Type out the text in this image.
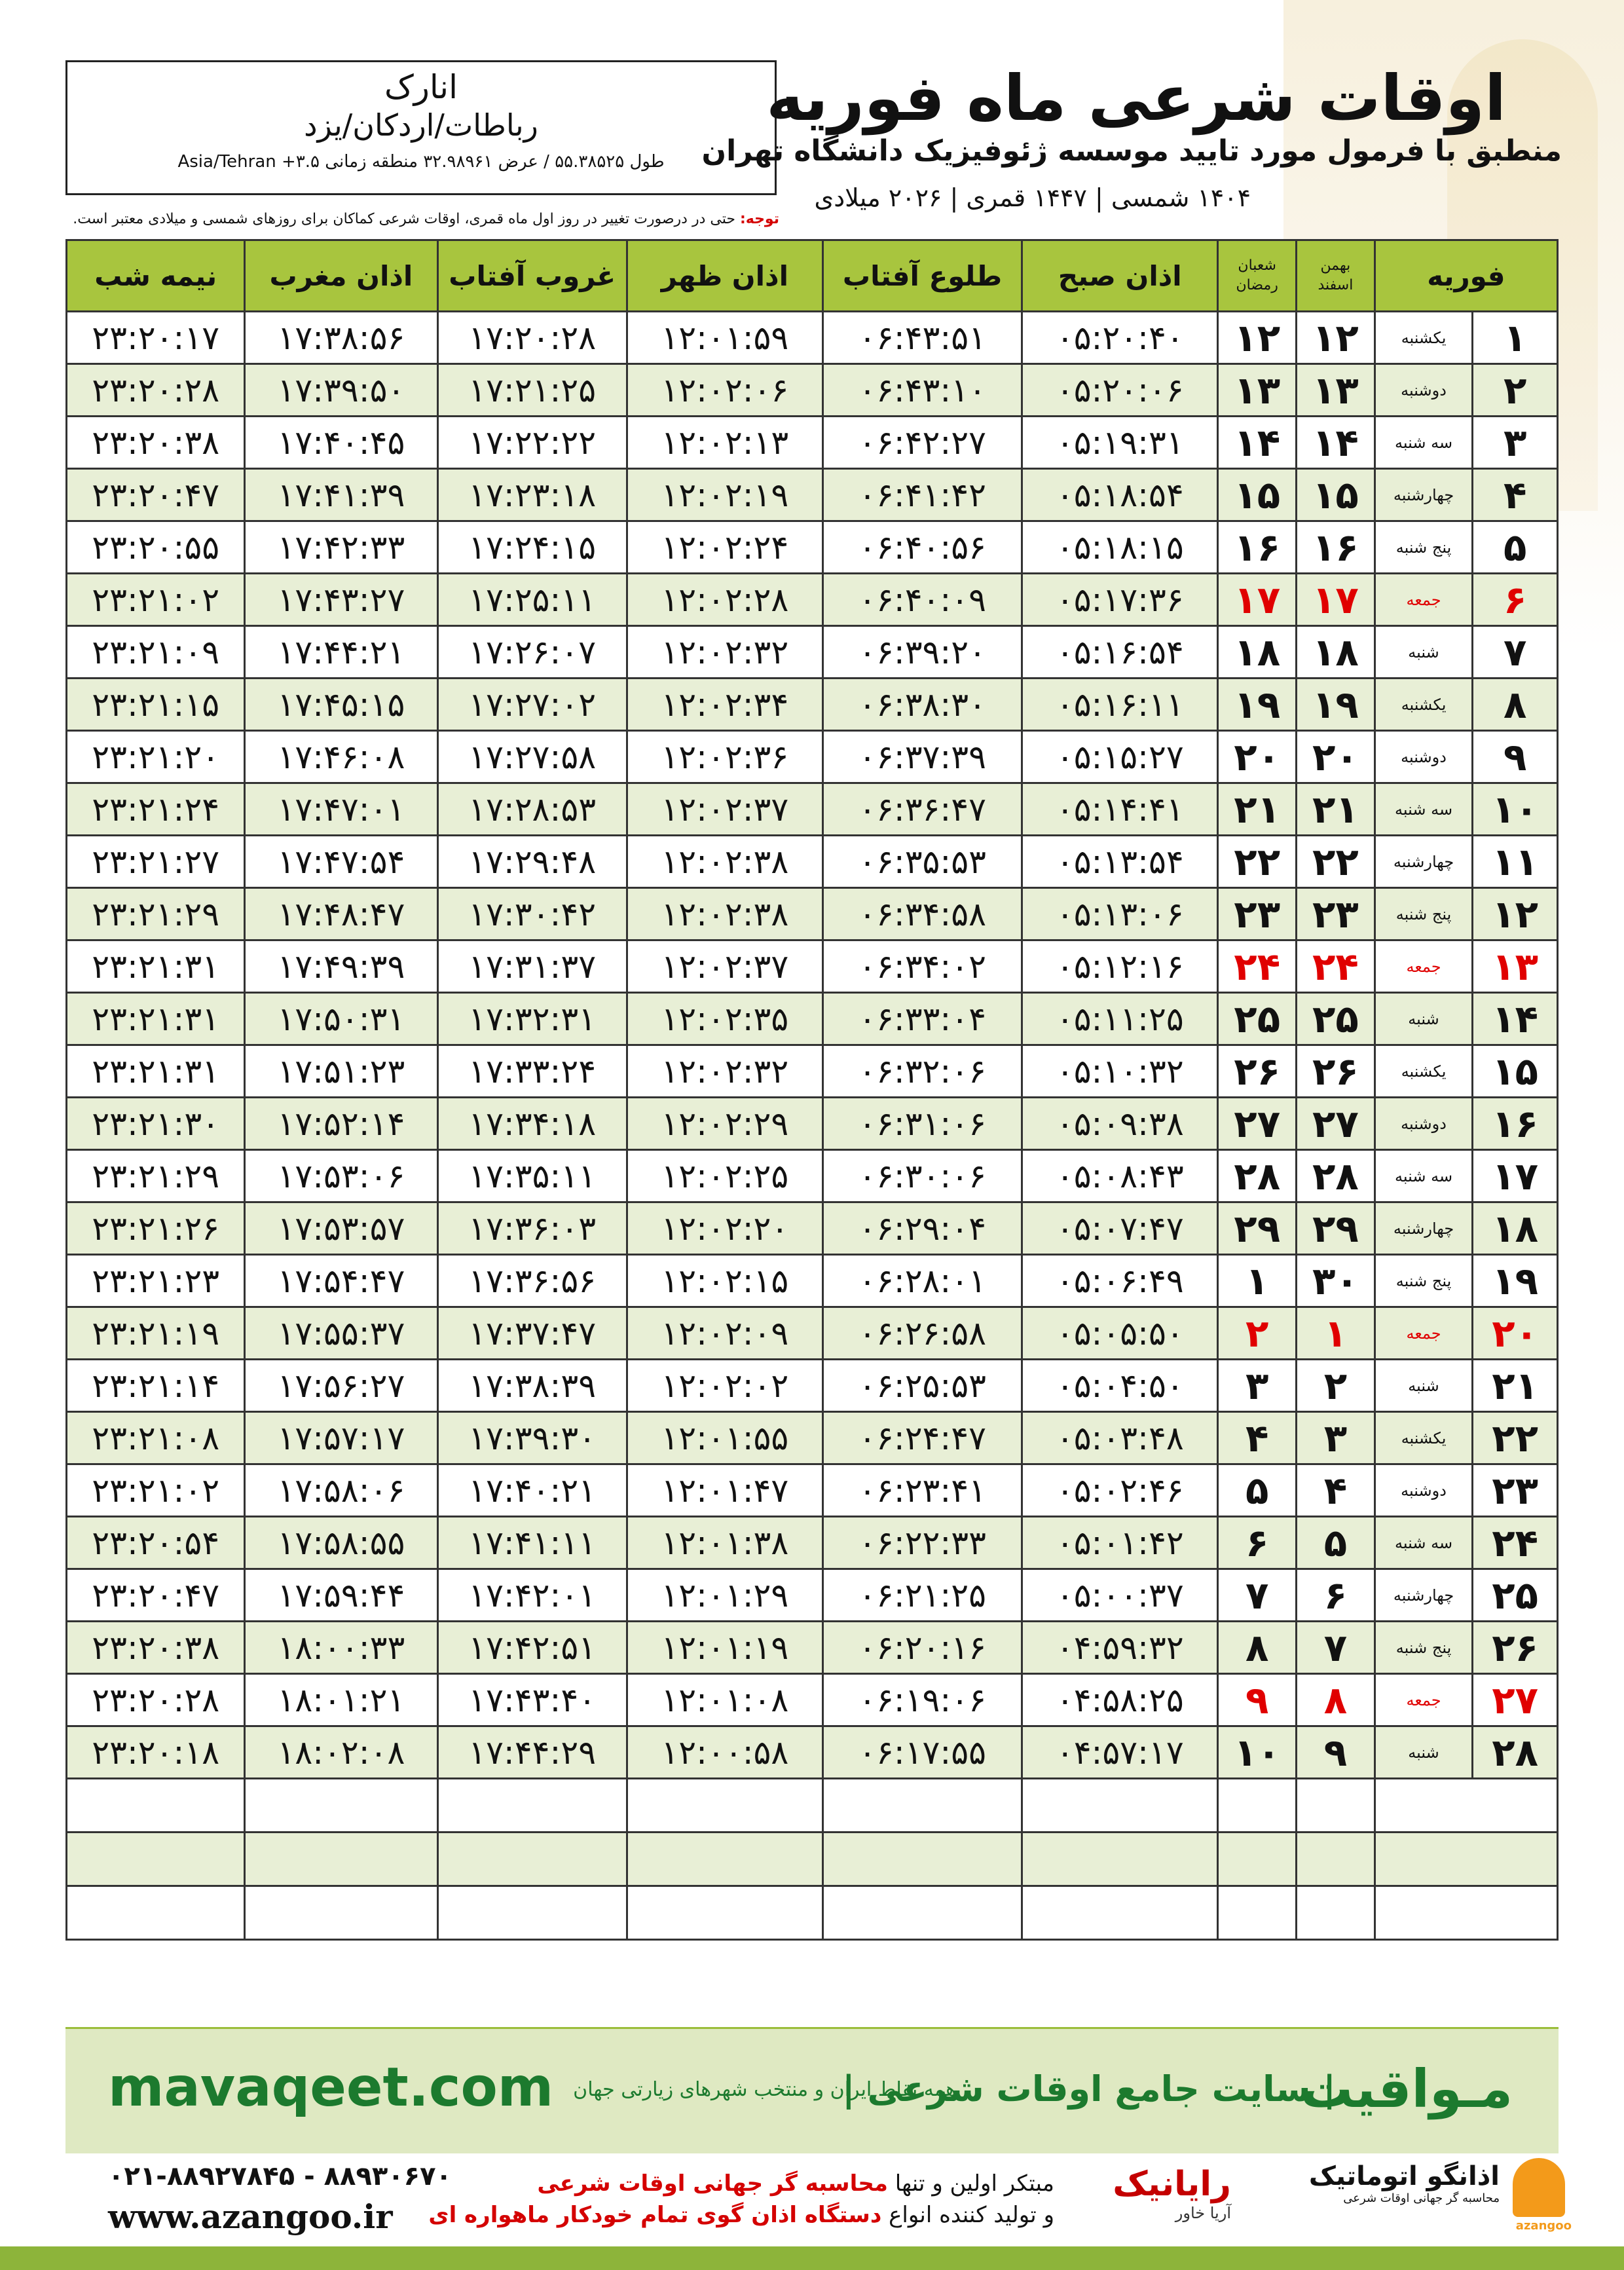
انارک
رباطات/اردکان/یزد
طول ۵۵.۳۸۵۲۵ / عرض ۳۲.۹۸۹۶۱ منطقه زمانی ۳.۵+ Asia/Tehran
اوقات شرعی ماه فوریه
منطبق با فرمول مورد تایید موسسه ژئوفیزیک دانشگاه تهران
۱۴۰۴ شمسی | ۱۴۴۷ قمری | ۲۰۲۶ میلادی
توجه: حتی در درصورت تغییر در روز اول ماه قمری، اوقات شرعی کماکان برای روزهای شمسی و میلادی معتبر است.
فوریه
بهمن
اسفند
شعبان
رمضان
اذان صبح
طلوع آفتاب
اذان ظهر
غروب آفتاب
اذان مغرب
نیمه شب
۱
یکشنبه
۱۲
۱۲
۰۵:۲۰:۴۰
۰۶:۴۳:۵۱
۱۲:۰۱:۵۹
۱۷:۲۰:۲۸
۱۷:۳۸:۵۶
۲۳:۲۰:۱۷
۲
دوشنبه
۱۳
۱۳
۰۵:۲۰:۰۶
۰۶:۴۳:۱۰
۱۲:۰۲:۰۶
۱۷:۲۱:۲۵
۱۷:۳۹:۵۰
۲۳:۲۰:۲۸
۳
سه شنبه
۱۴
۱۴
۰۵:۱۹:۳۱
۰۶:۴۲:۲۷
۱۲:۰۲:۱۳
۱۷:۲۲:۲۲
۱۷:۴۰:۴۵
۲۳:۲۰:۳۸
۴
چهارشنبه
۱۵
۱۵
۰۵:۱۸:۵۴
۰۶:۴۱:۴۲
۱۲:۰۲:۱۹
۱۷:۲۳:۱۸
۱۷:۴۱:۳۹
۲۳:۲۰:۴۷
۵
پنج شنبه
۱۶
۱۶
۰۵:۱۸:۱۵
۰۶:۴۰:۵۶
۱۲:۰۲:۲۴
۱۷:۲۴:۱۵
۱۷:۴۲:۳۳
۲۳:۲۰:۵۵
۶
جمعه
۱۷
۱۷
۰۵:۱۷:۳۶
۰۶:۴۰:۰۹
۱۲:۰۲:۲۸
۱۷:۲۵:۱۱
۱۷:۴۳:۲۷
۲۳:۲۱:۰۲
۷
شنبه
۱۸
۱۸
۰۵:۱۶:۵۴
۰۶:۳۹:۲۰
۱۲:۰۲:۳۲
۱۷:۲۶:۰۷
۱۷:۴۴:۲۱
۲۳:۲۱:۰۹
۸
یکشنبه
۱۹
۱۹
۰۵:۱۶:۱۱
۰۶:۳۸:۳۰
۱۲:۰۲:۳۴
۱۷:۲۷:۰۲
۱۷:۴۵:۱۵
۲۳:۲۱:۱۵
۹
دوشنبه
۲۰
۲۰
۰۵:۱۵:۲۷
۰۶:۳۷:۳۹
۱۲:۰۲:۳۶
۱۷:۲۷:۵۸
۱۷:۴۶:۰۸
۲۳:۲۱:۲۰
۱۰
سه شنبه
۲۱
۲۱
۰۵:۱۴:۴۱
۰۶:۳۶:۴۷
۱۲:۰۲:۳۷
۱۷:۲۸:۵۳
۱۷:۴۷:۰۱
۲۳:۲۱:۲۴
۱۱
چهارشنبه
۲۲
۲۲
۰۵:۱۳:۵۴
۰۶:۳۵:۵۳
۱۲:۰۲:۳۸
۱۷:۲۹:۴۸
۱۷:۴۷:۵۴
۲۳:۲۱:۲۷
۱۲
پنج شنبه
۲۳
۲۳
۰۵:۱۳:۰۶
۰۶:۳۴:۵۸
۱۲:۰۲:۳۸
۱۷:۳۰:۴۲
۱۷:۴۸:۴۷
۲۳:۲۱:۲۹
۱۳
جمعه
۲۴
۲۴
۰۵:۱۲:۱۶
۰۶:۳۴:۰۲
۱۲:۰۲:۳۷
۱۷:۳۱:۳۷
۱۷:۴۹:۳۹
۲۳:۲۱:۳۱
۱۴
شنبه
۲۵
۲۵
۰۵:۱۱:۲۵
۰۶:۳۳:۰۴
۱۲:۰۲:۳۵
۱۷:۳۲:۳۱
۱۷:۵۰:۳۱
۲۳:۲۱:۳۱
۱۵
یکشنبه
۲۶
۲۶
۰۵:۱۰:۳۲
۰۶:۳۲:۰۶
۱۲:۰۲:۳۲
۱۷:۳۳:۲۴
۱۷:۵۱:۲۳
۲۳:۲۱:۳۱
۱۶
دوشنبه
۲۷
۲۷
۰۵:۰۹:۳۸
۰۶:۳۱:۰۶
۱۲:۰۲:۲۹
۱۷:۳۴:۱۸
۱۷:۵۲:۱۴
۲۳:۲۱:۳۰
۱۷
سه شنبه
۲۸
۲۸
۰۵:۰۸:۴۳
۰۶:۳۰:۰۶
۱۲:۰۲:۲۵
۱۷:۳۵:۱۱
۱۷:۵۳:۰۶
۲۳:۲۱:۲۹
۱۸
چهارشنبه
۲۹
۲۹
۰۵:۰۷:۴۷
۰۶:۲۹:۰۴
۱۲:۰۲:۲۰
۱۷:۳۶:۰۳
۱۷:۵۳:۵۷
۲۳:۲۱:۲۶
۱۹
پنج شنبه
۳۰
۱
۰۵:۰۶:۴۹
۰۶:۲۸:۰۱
۱۲:۰۲:۱۵
۱۷:۳۶:۵۶
۱۷:۵۴:۴۷
۲۳:۲۱:۲۳
۲۰
جمعه
۱
۲
۰۵:۰۵:۵۰
۰۶:۲۶:۵۸
۱۲:۰۲:۰۹
۱۷:۳۷:۴۷
۱۷:۵۵:۳۷
۲۳:۲۱:۱۹
۲۱
شنبه
۲
۳
۰۵:۰۴:۵۰
۰۶:۲۵:۵۳
۱۲:۰۲:۰۲
۱۷:۳۸:۳۹
۱۷:۵۶:۲۷
۲۳:۲۱:۱۴
۲۲
یکشنبه
۳
۴
۰۵:۰۳:۴۸
۰۶:۲۴:۴۷
۱۲:۰۱:۵۵
۱۷:۳۹:۳۰
۱۷:۵۷:۱۷
۲۳:۲۱:۰۸
۲۳
دوشنبه
۴
۵
۰۵:۰۲:۴۶
۰۶:۲۳:۴۱
۱۲:۰۱:۴۷
۱۷:۴۰:۲۱
۱۷:۵۸:۰۶
۲۳:۲۱:۰۲
۲۴
سه شنبه
۵
۶
۰۵:۰۱:۴۲
۰۶:۲۲:۳۳
۱۲:۰۱:۳۸
۱۷:۴۱:۱۱
۱۷:۵۸:۵۵
۲۳:۲۰:۵۴
۲۵
چهارشنبه
۶
۷
۰۵:۰۰:۳۷
۰۶:۲۱:۲۵
۱۲:۰۱:۲۹
۱۷:۴۲:۰۱
۱۷:۵۹:۴۴
۲۳:۲۰:۴۷
۲۶
پنج شنبه
۷
۸
۰۴:۵۹:۳۲
۰۶:۲۰:۱۶
۱۲:۰۱:۱۹
۱۷:۴۲:۵۱
۱۸:۰۰:۳۳
۲۳:۲۰:۳۸
۲۷
جمعه
۸
۹
۰۴:۵۸:۲۵
۰۶:۱۹:۰۶
۱۲:۰۱:۰۸
۱۷:۴۳:۴۰
۱۸:۰۱:۲۱
۲۳:۲۰:۲۸
۲۸
شنبه
۹
۱۰
۰۴:۵۷:۱۷
۰۶:۱۷:۵۵
۱۲:۰۰:۵۸
۱۷:۴۴:۲۹
۱۸:۰۲:۰۸
۲۳:۲۰:۱۸
mavaqeet.com	مـواقیت
| سایت جامع اوقات شرعی |
همه نقاط ایران و منتخب شهرهای زیارتی جهان
۰۲۱-۸۸۹۲۷۸۴۵ - ۸۸۹۳۰۶۷۰
www.azangoo.ir
مبتکر اولین و تنها محاسبه گر جهانی اوقات شرعی
و تولید کننده انواع دستگاه اذان گوی تمام خودکار ماهواره ای
رایانیک
آریا خاور
اذانگو اتوماتیک
محاسبه گر جهانی اوقات شرعی
azangoo
